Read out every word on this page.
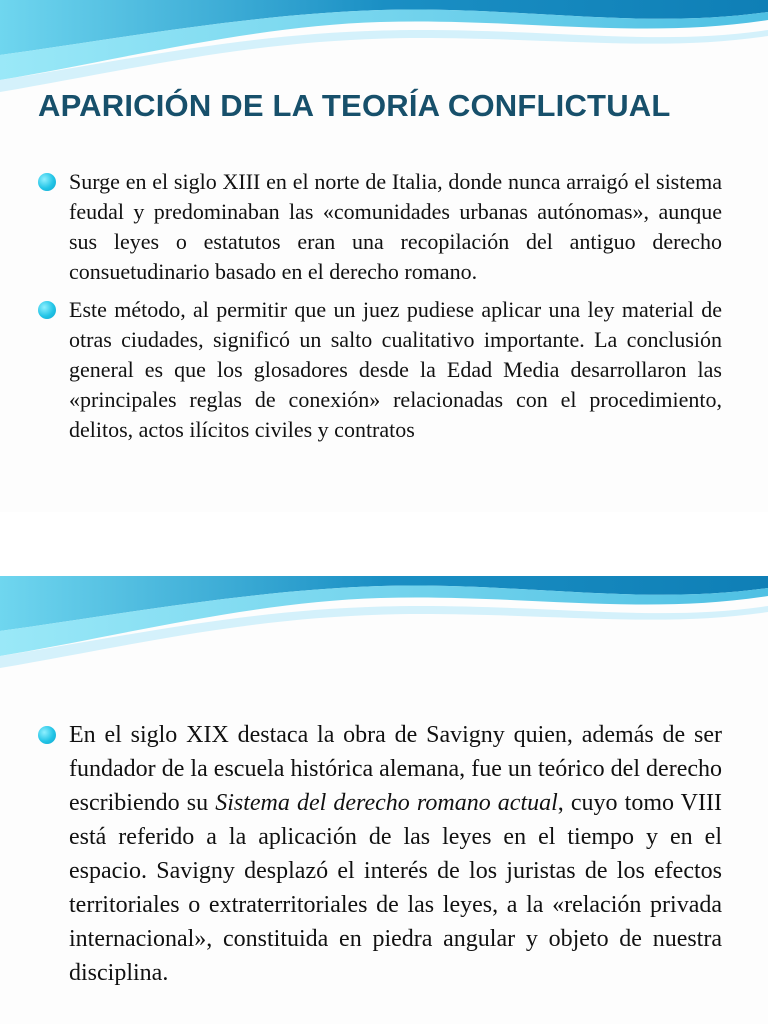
APARICIÓN DE LA TEORÍA CONFLICTUAL
Surge en el siglo XIII en el norte de Italia, donde nunca arraigó el sistema feudal y predominaban las «comunidades urbanas autónomas», aunque sus leyes o estatutos eran una recopilación del antiguo derecho consuetudinario basado en el derecho romano.
Este método, al permitir que un juez pudiese aplicar una ley material de otras ciudades, significó un salto cualitativo importante. La conclusión general es que los glosadores desde la Edad Media desarrollaron las «principales reglas de conexión» relacionadas con el procedimiento, delitos, actos ilícitos civiles y contratos
En el siglo XIX destaca la obra de Savigny quien, además de ser fundador de la escuela histórica alemana, fue un teórico del derecho escribiendo su Sistema del derecho romano actual, cuyo tomo VIII está referido a la aplicación de las leyes en el tiempo y en el espacio. Savigny desplazó el interés de los juristas de los efectos territoriales o extraterritoriales de las leyes, a la «relación privada internacional», constituida en piedra angular y objeto de nuestra disciplina.
